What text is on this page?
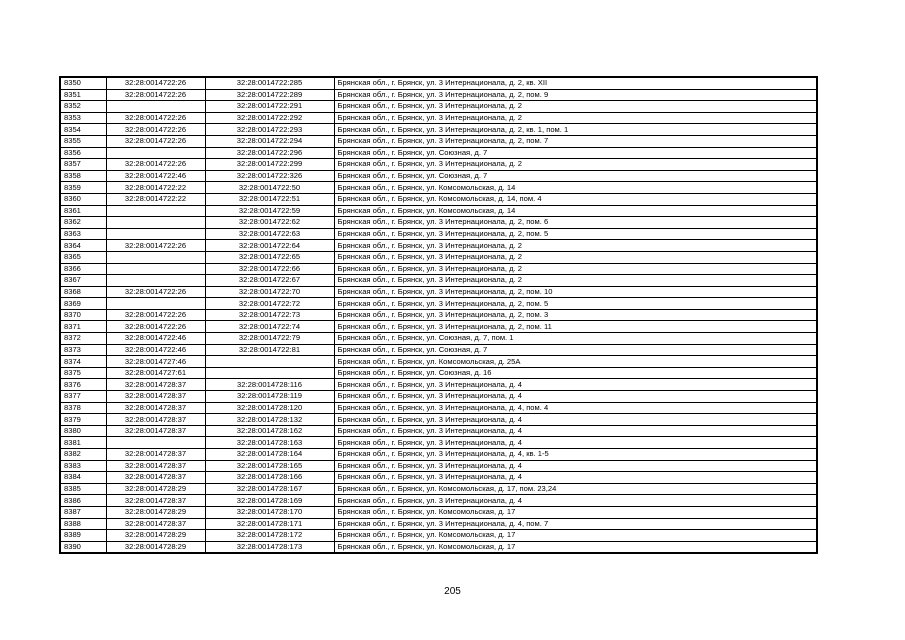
8350	32:28:0014722:26	32:28:0014722:285	Брянская обл., г. Брянск, ул. 3 Интернационала, д. 2, кв. XII
8351	32:28:0014722:26	32:28:0014722:289	Брянская обл., г. Брянск, ул. 3 Интернационала, д. 2, пом. 9
8352		32:28:0014722:291	Брянская обл., г. Брянск, ул. 3 Интернационала, д. 2
8353	32:28:0014722:26	32:28:0014722:292	Брянская обл., г. Брянск, ул. 3 Интернационала, д. 2
8354	32:28:0014722:26	32:28:0014722:293	Брянская обл., г. Брянск, ул. 3 Интернационала, д. 2, кв. 1, пом. 1
8355	32:28:0014722:26	32:28:0014722:294	Брянская обл., г. Брянск, ул. 3 Интернационала, д. 2, пом. 7
8356		32:28:0014722:296	Брянская обл., г. Брянск, ул. Союзная, д. 7
8357	32:28:0014722:26	32:28:0014722:299	Брянская обл., г. Брянск, ул. 3 Интернационала, д. 2
8358	32:28:0014722:46	32:28:0014722:326	Брянская обл., г. Брянск, ул. Союзная, д. 7
8359	32:28:0014722:22	32:28:0014722:50	Брянская обл., г. Брянск, ул. Комсомольская, д. 14
8360	32:28:0014722:22	32:28:0014722:51	Брянская обл., г. Брянск, ул. Комсомольская, д. 14, пом. 4
8361		32:28:0014722:59	Брянская обл., г. Брянск, ул. Комсомольская, д. 14
8362		32:28:0014722:62	Брянская обл., г. Брянск, ул. 3 Интернационала, д. 2, пом. 6
8363		32:28:0014722:63	Брянская обл., г. Брянск, ул. 3 Интернационала, д. 2, пом. 5
8364	32:28:0014722:26	32:28:0014722:64	Брянская обл., г. Брянск, ул. 3 Интернационала, д. 2
8365		32:28:0014722:65	Брянская обл., г. Брянск, ул. 3 Интернационала, д. 2
8366		32:28:0014722:66	Брянская обл., г. Брянск, ул. 3 Интернационала, д. 2
8367		32:28:0014722:67	Брянская обл., г. Брянск, ул. 3 Интернационала, д. 2
8368	32:28:0014722:26	32:28:0014722:70	Брянская обл., г. Брянск, ул. 3 Интернационала, д. 2, пом. 10
8369		32:28:0014722:72	Брянская обл., г. Брянск, ул. 3 Интернационала, д. 2, пом. 5
8370	32:28:0014722:26	32:28:0014722:73	Брянская обл., г. Брянск, ул. 3 Интернационала, д. 2, пом. 3
8371	32:28:0014722:26	32:28:0014722:74	Брянская обл., г. Брянск, ул. 3 Интернационала, д. 2, пом. 11
8372	32:28:0014722:46	32:28:0014722:79	Брянская обл., г. Брянск, ул. Союзная, д. 7, пом. 1
8373	32:28:0014722:46	32:28:0014722:81	Брянская обл., г. Брянск, ул. Союзная, д. 7
8374	32:28:0014727:46		Брянская обл., г. Брянск, ул. Комсомольская, д. 25А
8375	32:28:0014727:61		Брянская обл., г. Брянск, ул. Союзная, д. 16
8376	32:28:0014728:37	32:28:0014728:116	Брянская обл., г. Брянск, ул. 3 Интернационала, д. 4
8377	32:28:0014728:37	32:28:0014728:119	Брянская обл., г. Брянск, ул. 3 Интернационала, д. 4
8378	32:28:0014728:37	32:28:0014728:120	Брянская обл., г. Брянск, ул. 3 Интернационала, д. 4, пом. 4
8379	32:28:0014728:37	32:28:0014728:132	Брянская обл., г. Брянск, ул. 3 Интернационала, д. 4
8380	32:28:0014728:37	32:28:0014728:162	Брянская обл., г. Брянск, ул. 3 Интернационала, д. 4
8381		32:28:0014728:163	Брянская обл., г. Брянск, ул. 3 Интернационала, д. 4
8382	32:28:0014728:37	32:28:0014728:164	Брянская обл., г. Брянск, ул. 3 Интернационала, д. 4, кв. 1-5
8383	32:28:0014728:37	32:28:0014728:165	Брянская обл., г. Брянск, ул. 3 Интернационала, д. 4
8384	32:28:0014728:37	32:28:0014728:166	Брянская обл., г. Брянск, ул. 3 Интернационала, д. 4
8385	32:28:0014728:29	32:28:0014728:167	Брянская обл., г. Брянск, ул. Комсомольская, д. 17, пом. 23,24
8386	32:28:0014728:37	32:28:0014728:169	Брянская обл., г. Брянск, ул. 3 Интернационала, д. 4
8387	32:28:0014728:29	32:28:0014728:170	Брянская обл., г. Брянск, ул. Комсомольская, д. 17
8388	32:28:0014728:37	32:28:0014728:171	Брянская обл., г. Брянск, ул. 3 Интернационала, д. 4, пом. 7
8389	32:28:0014728:29	32:28:0014728:172	Брянская обл., г. Брянск, ул. Комсомольская, д. 17
8390	32:28:0014728:29	32:28:0014728:173	Брянская обл., г. Брянск, ул. Комсомольская, д. 17
205
